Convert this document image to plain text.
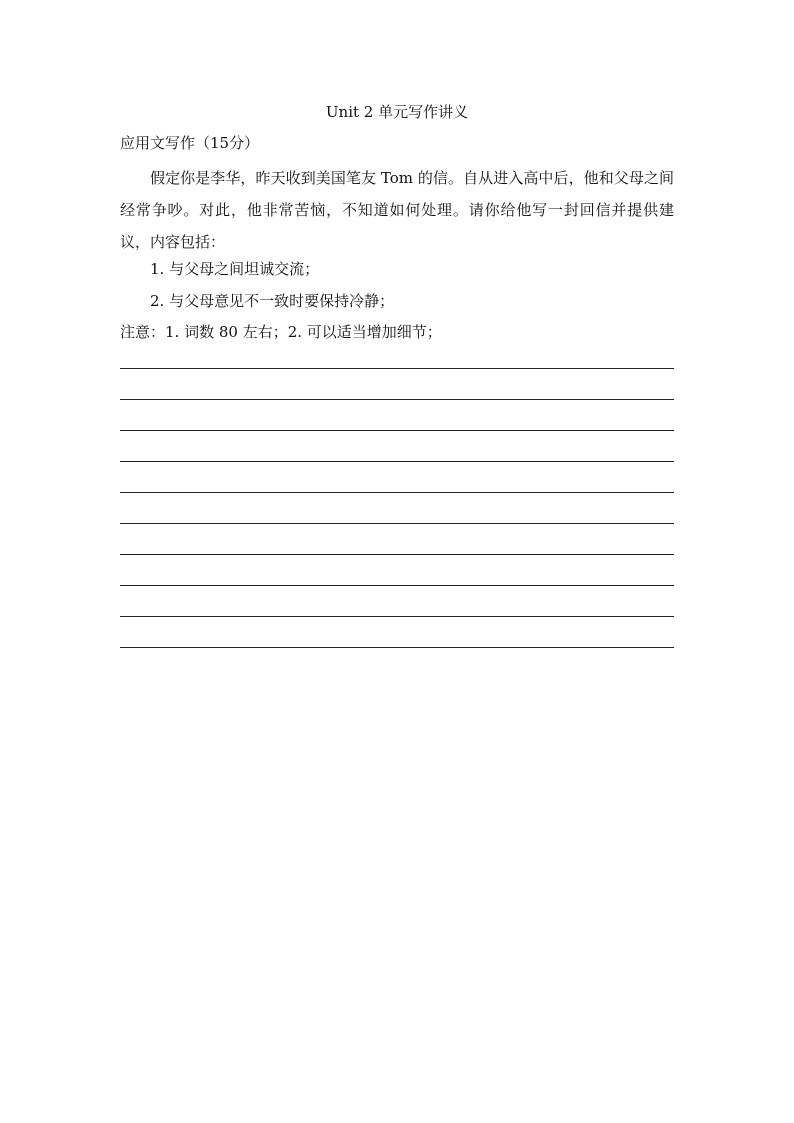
Unit 2 单元写作讲义
应用文写作（15分）
假定你是李华，昨天收到美国笔友 Tom 的信。自从进入高中后，他和父母之间经常争吵。对此，他非常苦恼，不知道如何处理。请你给他写一封回信并提供建议，内容包括：
1. 与父母之间坦诚交流；
2. 与父母意见不一致时要保持冷静；
注意：1. 词数 80 左右；2. 可以适当增加细节；
